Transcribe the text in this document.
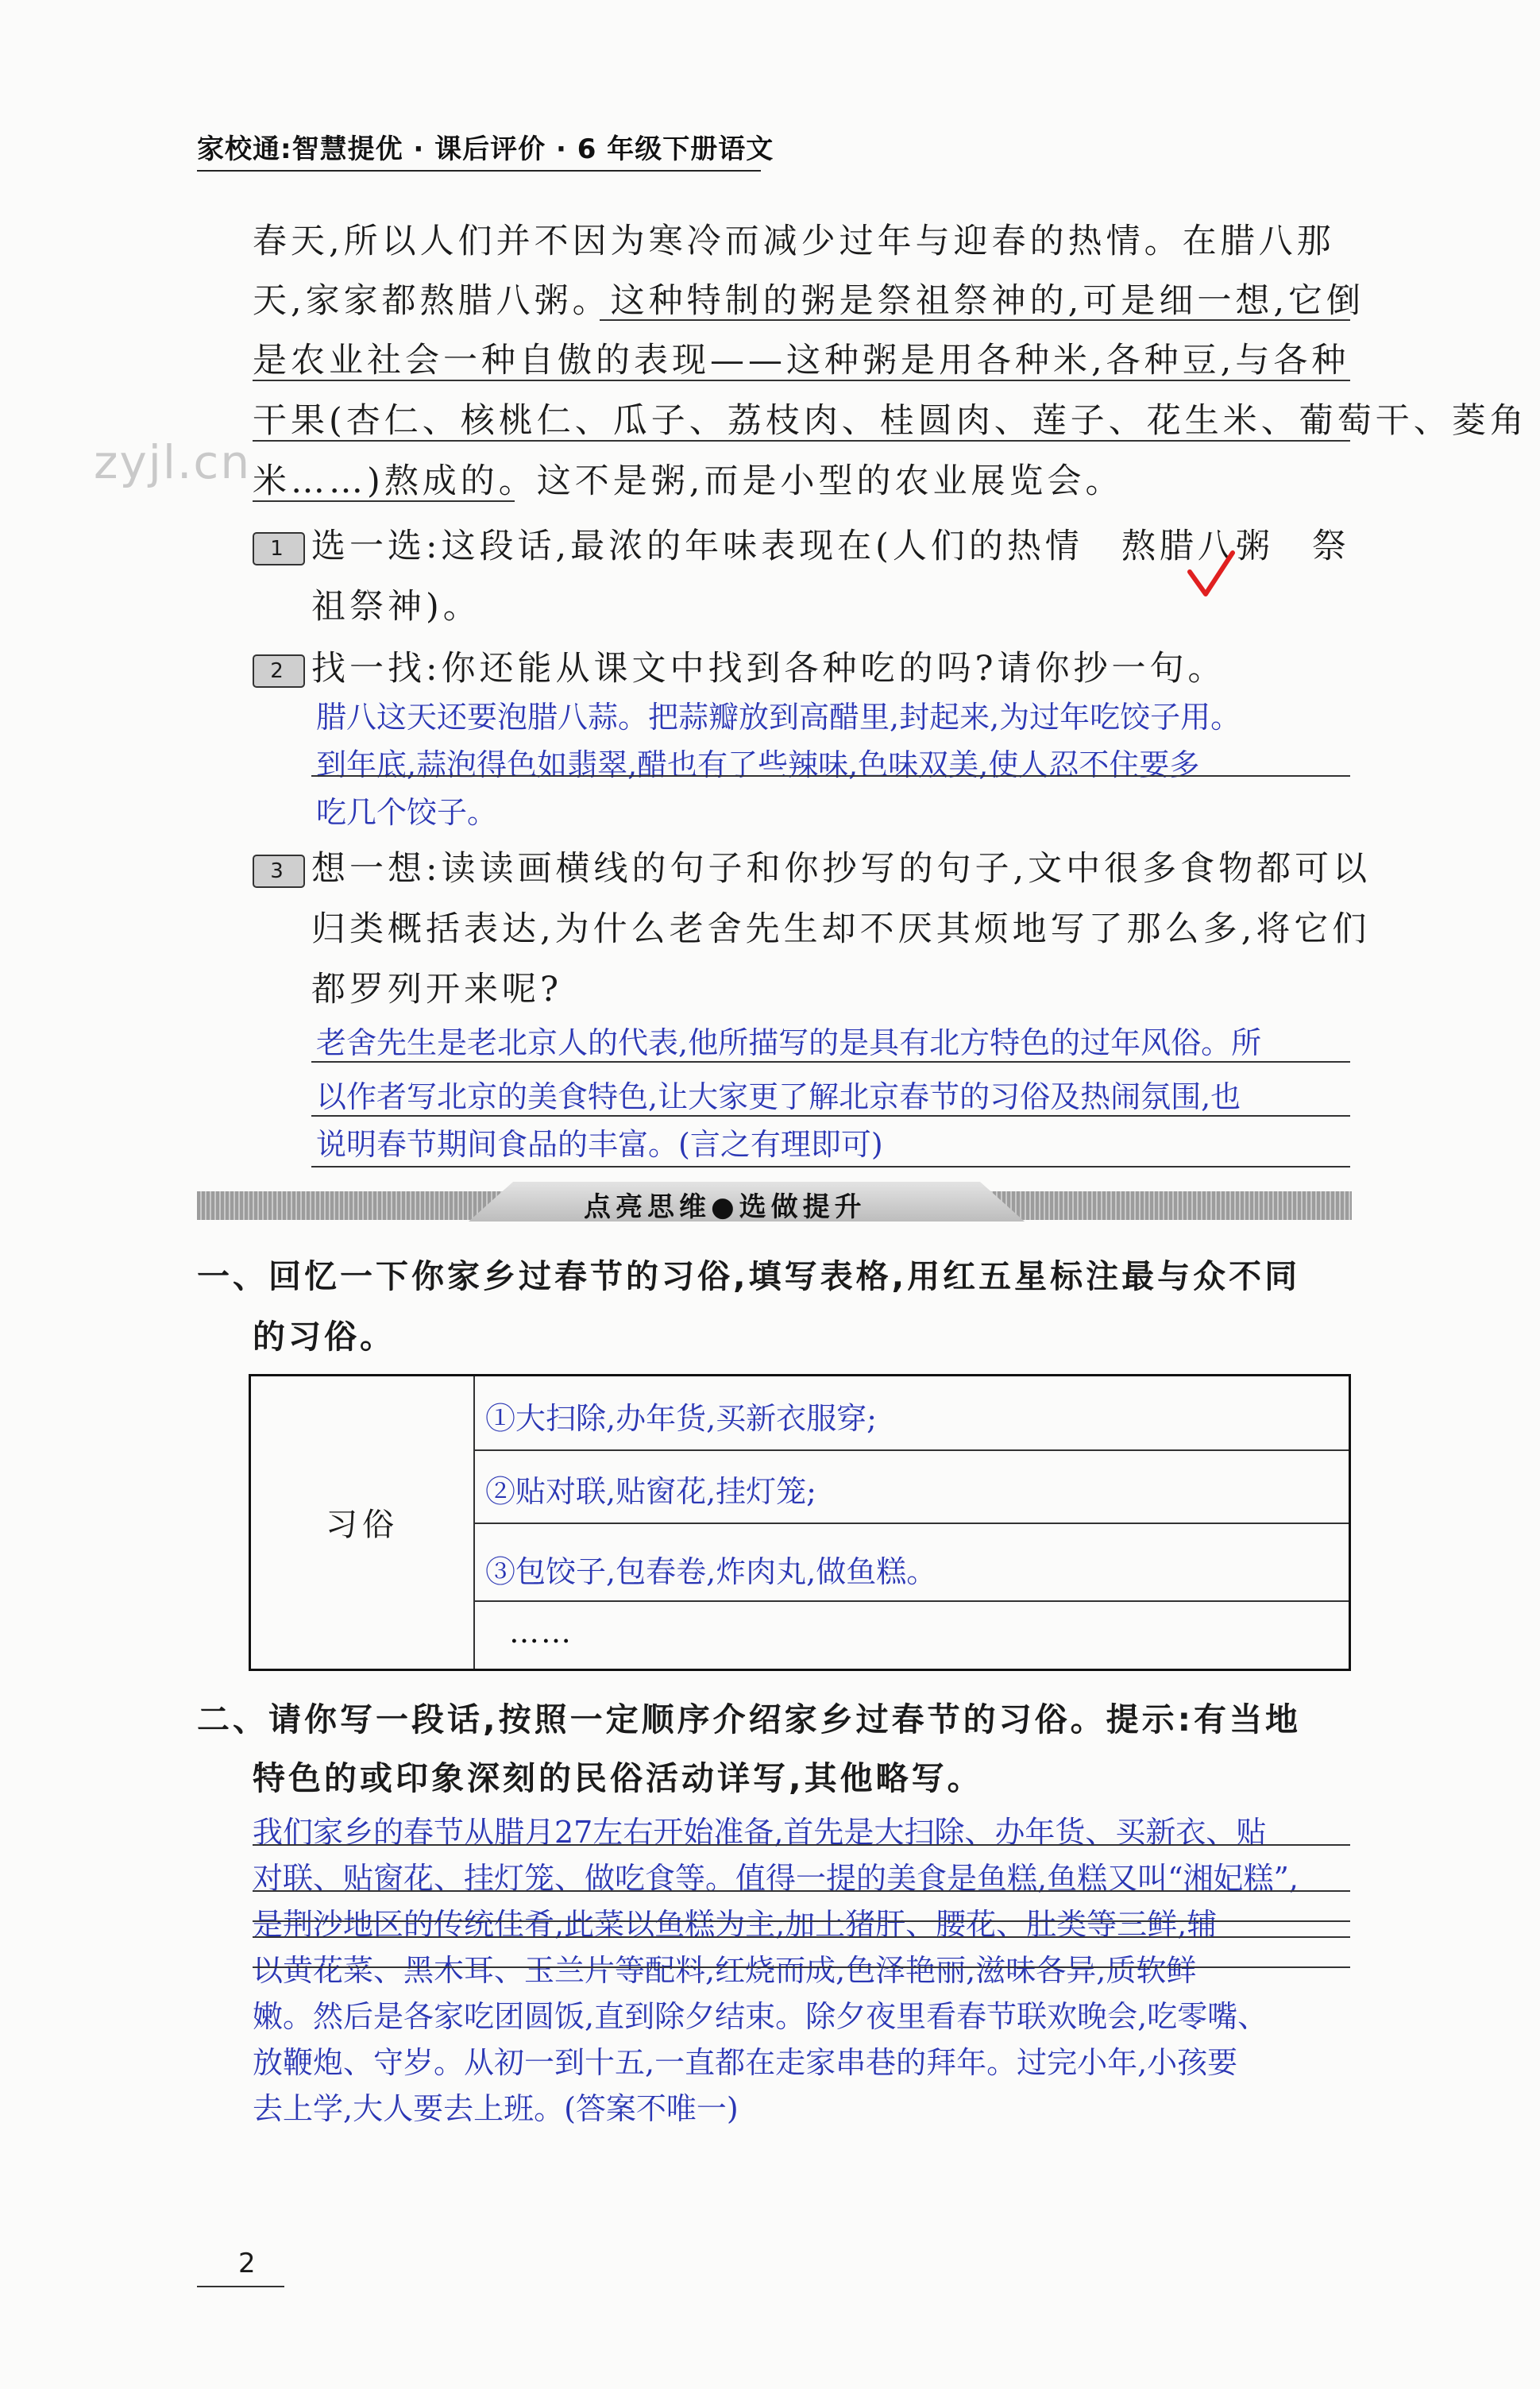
家校通:智慧提优 · 课后评价 · 6 年级下册语文
zyjl.cn
春天,所以人们并不因为寒冷而减少过年与迎春的热情。在腊八那
天,家家都熬腊八粥。这种特制的粥是祭祖祭神的,可是细一想,它倒
是农业社会一种自傲的表现——这种粥是用各种米,各种豆,与各种
干果(杏仁、核桃仁、瓜子、荔枝肉、桂圆肉、莲子、花生米、葡萄干、菱角
米……)熬成的。这不是粥,而是小型的农业展览会。
1 选一选:这段话,最浓的年味表现在(人们的热情　熬腊八粥　祭
祖祭神)。
2 找一找:你还能从课文中找到各种吃的吗?请你抄一句。
腊八这天还要泡腊八蒜。把蒜瓣放到高醋里,封起来,为过年吃饺子用。
到年底,蒜泡得色如翡翠,醋也有了些辣味,色味双美,使人忍不住要多
吃几个饺子。
3 想一想:读读画横线的句子和你抄写的句子,文中很多食物都可以
归类概括表达,为什么老舍先生却不厌其烦地写了那么多,将它们
都罗列开来呢?
老舍先生是老北京人的代表,他所描写的是具有北方特色的过年风俗。所
以作者写北京的美食特色,让大家更了解北京春节的习俗及热闹氛围,也
说明春节期间食品的丰富。(言之有理即可)
点亮思维●选做提升
一、回忆一下你家乡过春节的习俗,填写表格,用红五星标注最与众不同
的习俗。
习俗
①大扫除,办年货,买新衣服穿;
②贴对联,贴窗花,挂灯笼;
③包饺子,包春卷,炸肉丸,做鱼糕。
……
二、请你写一段话,按照一定顺序介绍家乡过春节的习俗。提示:有当地
特色的或印象深刻的民俗活动详写,其他略写。
我们家乡的春节从腊月27左右开始准备,首先是大扫除、办年货、买新衣、贴
对联、贴窗花、挂灯笼、做吃食等。值得一提的美食是鱼糕,鱼糕又叫“湘妃糕”,
是荆沙地区的传统佳肴,此菜以鱼糕为主,加上猪肝、腰花、肚类等三鲜,辅
以黄花菜、黑木耳、玉兰片等配料,红烧而成,色泽艳丽,滋味各异,质软鲜
嫩。然后是各家吃团圆饭,直到除夕结束。除夕夜里看春节联欢晚会,吃零嘴、
放鞭炮、守岁。从初一到十五,一直都在走家串巷的拜年。过完小年,小孩要
去上学,大人要去上班。(答案不唯一)
2
